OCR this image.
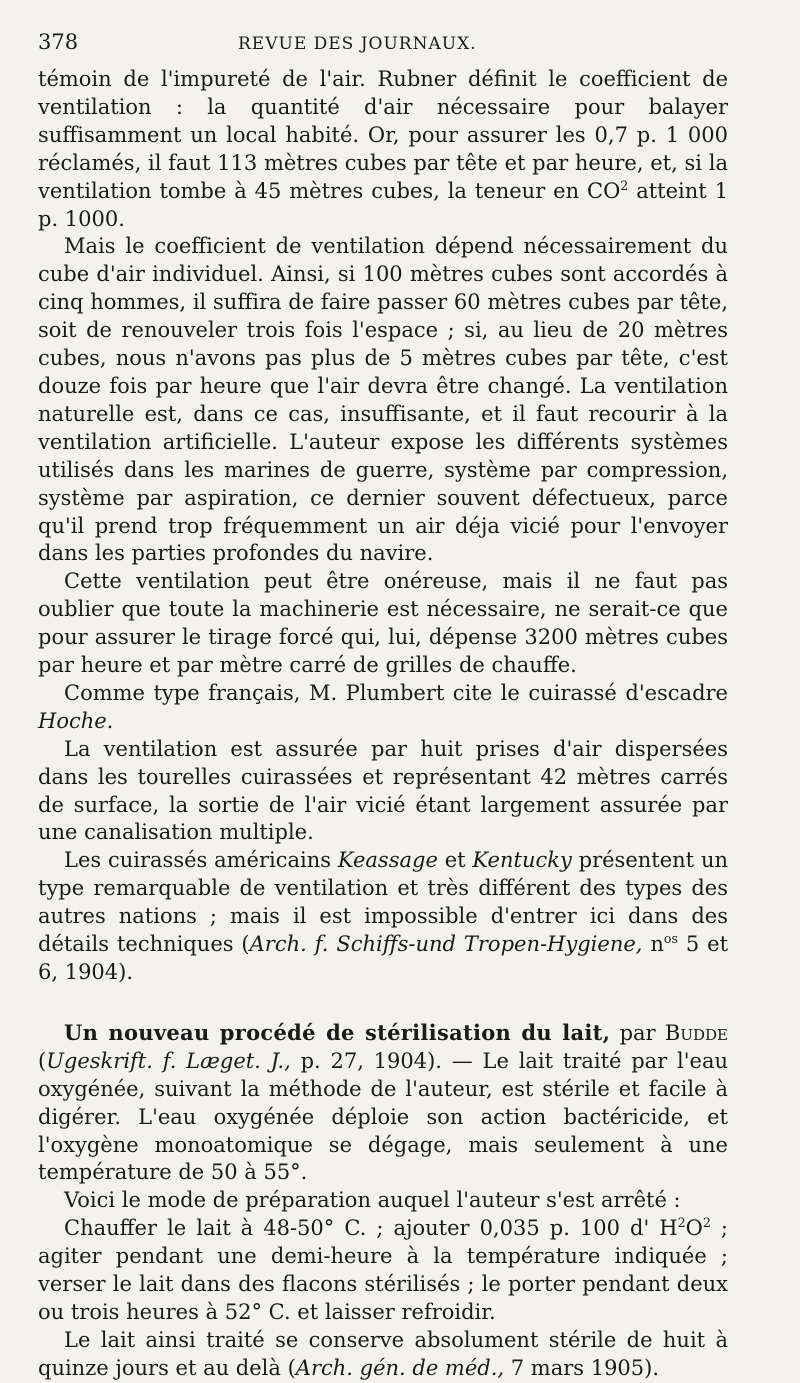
378	REVUE DES JOURNAUX.

témoin de l'impureté de l'air. Rubner définit le coefficient de ventilation : la quantité d'air nécessaire pour balayer suffisamment un local habité. Or, pour assurer les 0,7 p. 1 000 réclamés, il faut 113 mètres cubes par tête et par heure, et, si la ventilation tombe à 45 mètres cubes, la teneur en $CO^2$ atteint 1 p. 1000.

Mais le coefficient de ventilation dépend nécessairement du cube d'air individuel. Ainsi, si 100 mètres cubes sont accordés à cinq hommes, il suffira de faire passer 60 mètres cubes par tête, soit de renouveler trois fois l'espace ; si, au lieu de 20 mètres cubes, nous n'avons pas plus de 5 mètres cubes par tête, c'est douze fois par heure que l'air devra être changé. La ventilation naturelle est, dans ce cas, insuffisante, et il faut recourir à la ventilation artificielle. L'auteur expose les différents systèmes utilisés dans les marines de guerre, système par compression, système par aspiration, ce dernier souvent défectueux, parce qu'il prend trop fréquemment un air déja vicié pour l'envoyer dans les parties profondes du navire.

Cette ventilation peut être onéreuse, mais il ne faut pas oublier que toute la machinerie est nécessaire, ne serait-ce que pour assurer le tirage forcé qui, lui, dépense 3200 mètres cubes par heure et par mètre carré de grilles de chauffe.

Comme type français, M. Plumbert cite le cuirassé d'escadre Hoche.

La ventilation est assurée par huit prises d'air dispersées dans les tourelles cuirassées et représentant 42 mètres carrés de surface, la sortie de l'air vicié étant largement assurée par une canalisation multiple.

Les cuirassés américains Keassage et Kentucky présentent un type remarquable de ventilation et très différent des types des autres nations ; mais il est impossible d'entrer ici dans des détails techniques (Arch. f. Schiffs-und Tropen-Hygiene, $n^{os}$ 5 et 6, 1904).

Un nouveau procédé de stérilisation du lait, par Budde (Ugeskrift. f. Læget. J., p. 27, 1904). — Le lait traité par l'eau oxygénée, suivant la méthode de l'auteur, est stérile et facile à digérer. L'eau oxygénée déploie son action bactéricide, et l'oxygène monoatomique se dégage, mais seulement à une température de 50 à 55°.

Voici le mode de préparation auquel l'auteur s'est arrêté :

Chauffer le lait à 48-50° C. ; ajouter 0,035 p. 100 d' $H^2O^2$ ; agiter pendant une demi-heure à la température indiquée ; verser le lait dans des flacons stérilisés ; le porter pendant deux ou trois heures à 52° C. et laisser refroidir.

Le lait ainsi traité se conserve absolument stérile de huit à quinze jours et au delà (Arch. gén. de méd., 7 mars 1905).
